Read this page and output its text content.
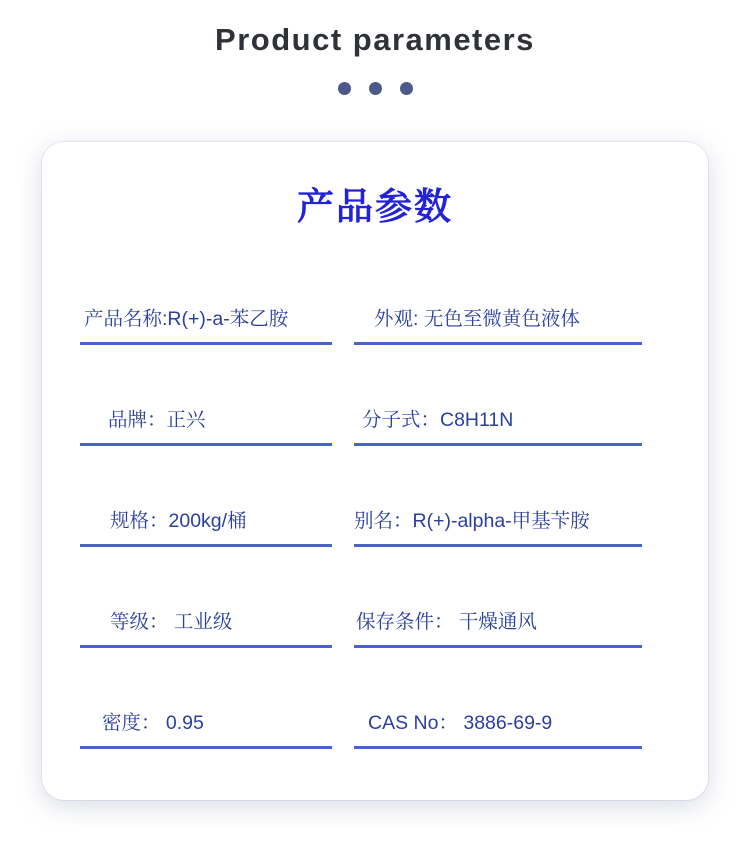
Product parameters
产品参数
产品名称:R(+)-a-苯乙胺	外观: 无色至微黄色液体
品牌：正兴	分子式：C8H11N
规格：200kg/桶	别名：R(+)-alpha-甲基苄胺
等级： 工业级	保存条件： 干燥通风
密度： 0.95	CAS No： 3886-69-9
